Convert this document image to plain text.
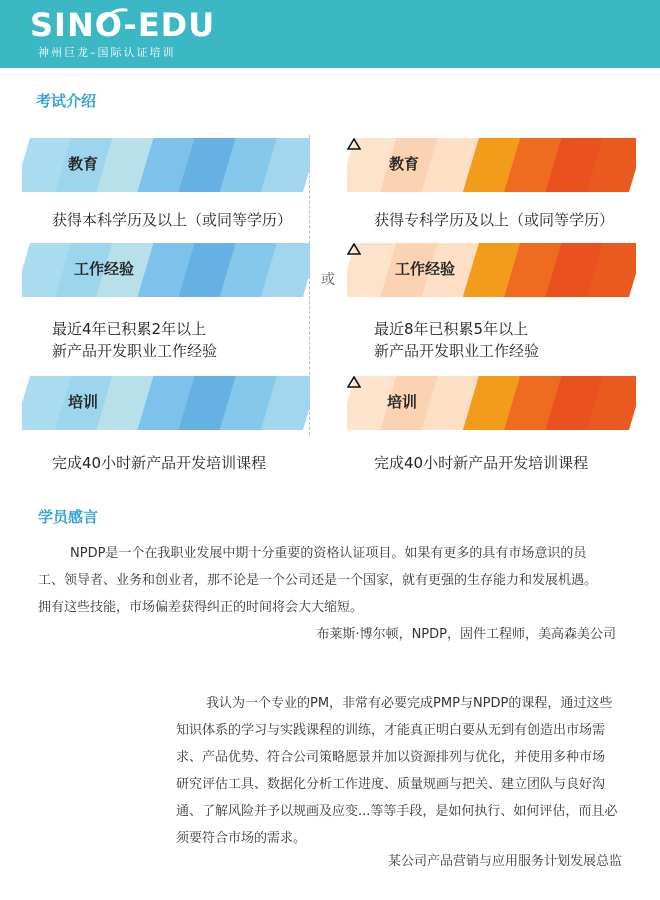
SINO-EDU
神州巨龙–国际认证培训
考试介绍
或
教育
获得本科学历及以上（或同等学历）
工作经验
最近4年已积累2年以上
新产品开发职业工作经验
培训
完成40小时新产品开发培训课程
教育
获得专科学历及以上（或同等学历）
工作经验
最近8年已积累5年以上
新产品开发职业工作经验
培训
完成40小时新产品开发培训课程
学员感言
NPDP是一个在我职业发展中期十分重要的资格认证项目。如果有更多的具有市场意识的员
工、领导者、业务和创业者，那不论是一个公司还是一个国家，就有更强的生存能力和发展机遇。
拥有这些技能，市场偏差获得纠正的时间将会大大缩短。
布莱斯·博尔顿，NPDP，固件工程师，美高森美公司
我认为一个专业的PM，非常有必要完成PMP与NPDP的课程，通过这些
知识体系的学习与实践课程的训练，才能真正明白要从无到有创造出市场需
求、产品优势、符合公司策略愿景并加以资源排列与优化，并使用多种市场
研究评估工具、数据化分析工作进度、质量规画与把关、建立团队与良好沟
通、了解风险并予以规画及应变...等等手段，是如何执行、如何评估，而且必
须要符合市场的需求。
某公司产品营销与应用服务计划发展总监
